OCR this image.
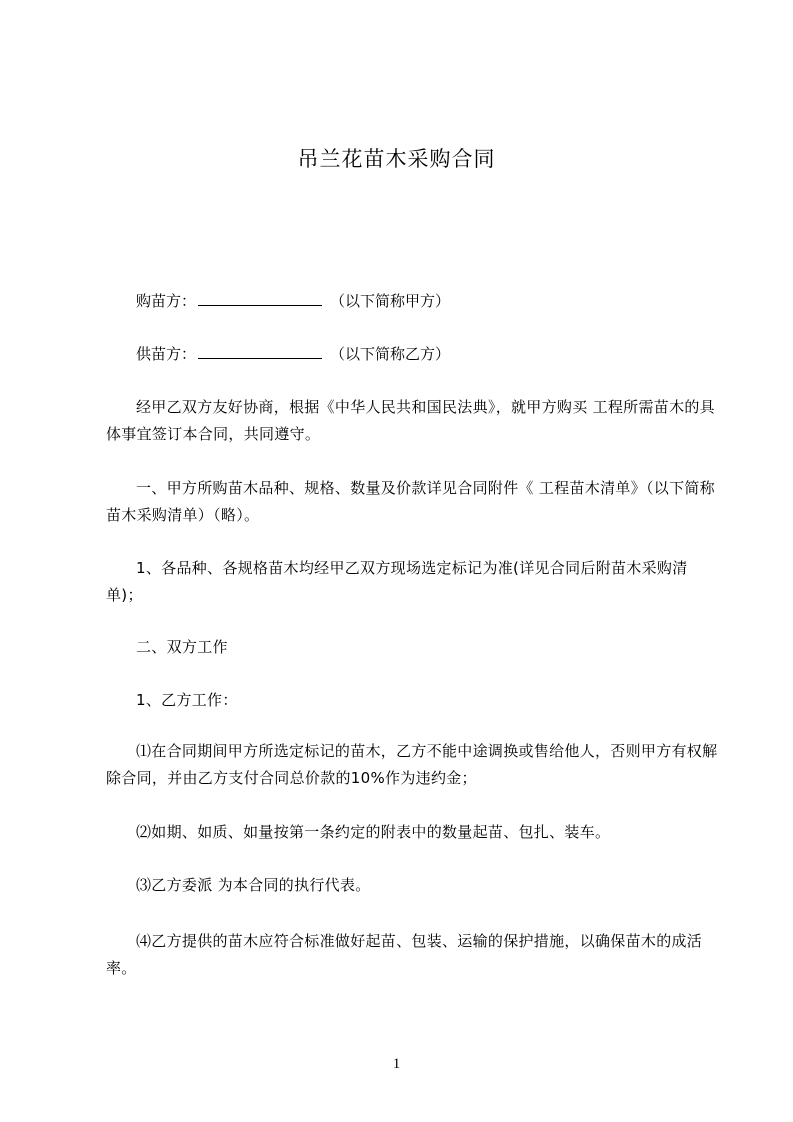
吊兰花苗木采购合同
购苗方：	（以下简称甲方）
供苗方：	（以下简称乙方）
经甲乙双方友好协商，根据《中华人民共和国民法典》，就甲方购买 工程所需苗木的具体事宜签订本合同，共同遵守。
一、甲方所购苗木品种、规格、数量及价款详见合同附件《 工程苗木清单》（以下简称苗木采购清单）（略）。
1、各品种、各规格苗木均经甲乙双方现场选定标记为准(详见合同后附苗木采购清单)；
二、双方工作
1、乙方工作：
⑴在合同期间甲方所选定标记的苗木，乙方不能中途调换或售给他人，否则甲方有权解除合同，并由乙方支付合同总价款的10%作为违约金；
⑵如期、如质、如量按第一条约定的附表中的数量起苗、包扎、装车。
⑶乙方委派 为本合同的执行代表。
⑷乙方提供的苗木应符合标准做好起苗、包装、运输的保护措施，以确保苗木的成活率。
1
